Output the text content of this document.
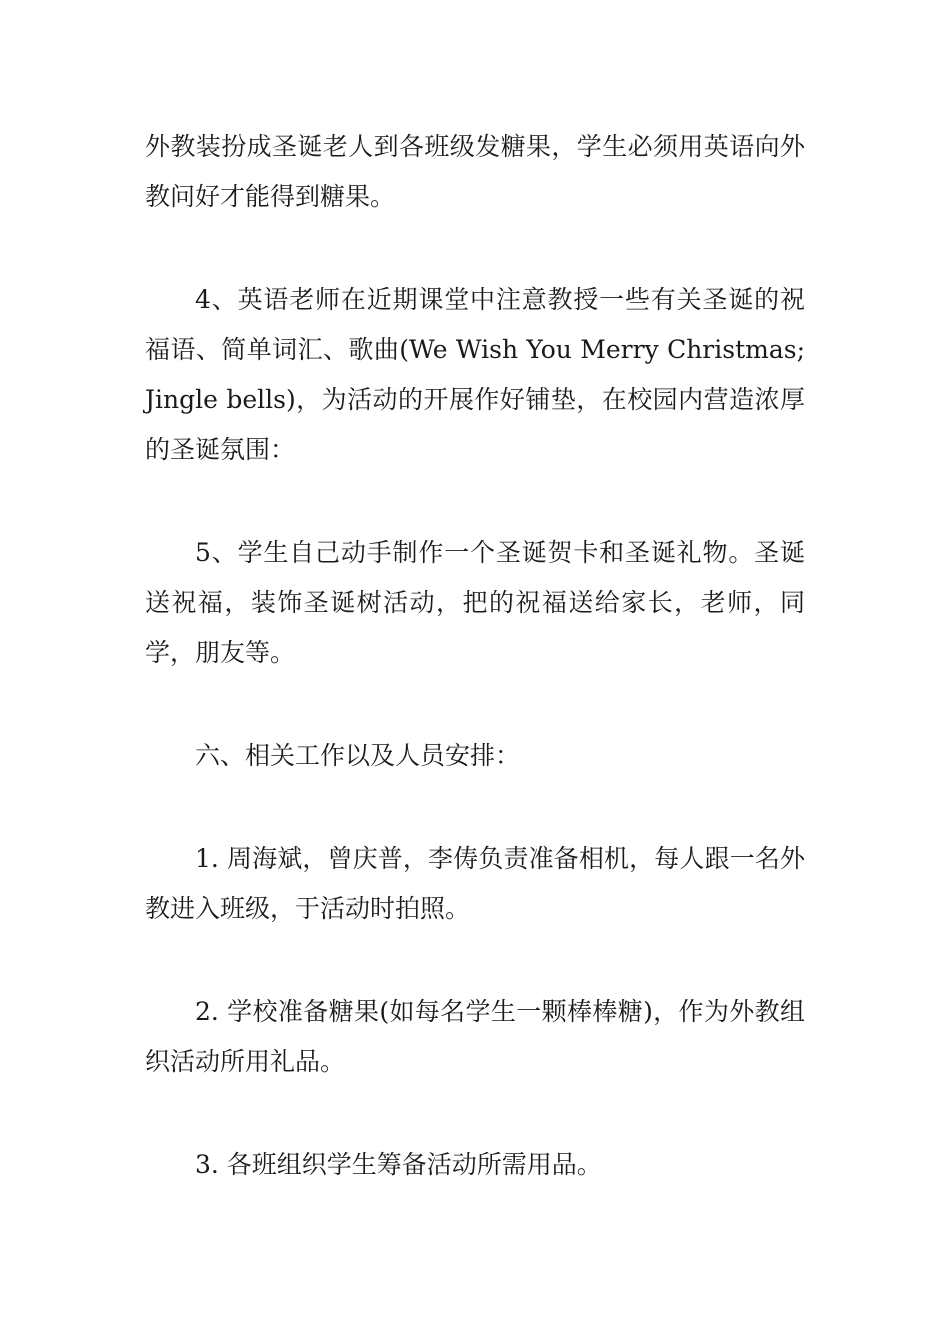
外教装扮成圣诞老人到各班级发糖果，学生必须用英语向外教问好才能得到糖果。

4、英语老师在近期课堂中注意教授一些有关圣诞的祝福语、简单词汇、歌曲(We Wish You Merry Christmas;Jingle bells)，为活动的开展作好铺垫，在校园内营造浓厚的圣诞氛围：

5、学生自己动手制作一个圣诞贺卡和圣诞礼物。圣诞送祝福，装饰圣诞树活动，把的祝福送给家长，老师，同学，朋友等。

六、相关工作以及人员安排：

1. 周海斌，曾庆普，李俦负责准备相机，每人跟一名外教进入班级，于活动时拍照。

2. 学校准备糖果(如每名学生一颗棒棒糖)，作为外教组织活动所用礼品。

3. 各班组织学生筹备活动所需用品。
